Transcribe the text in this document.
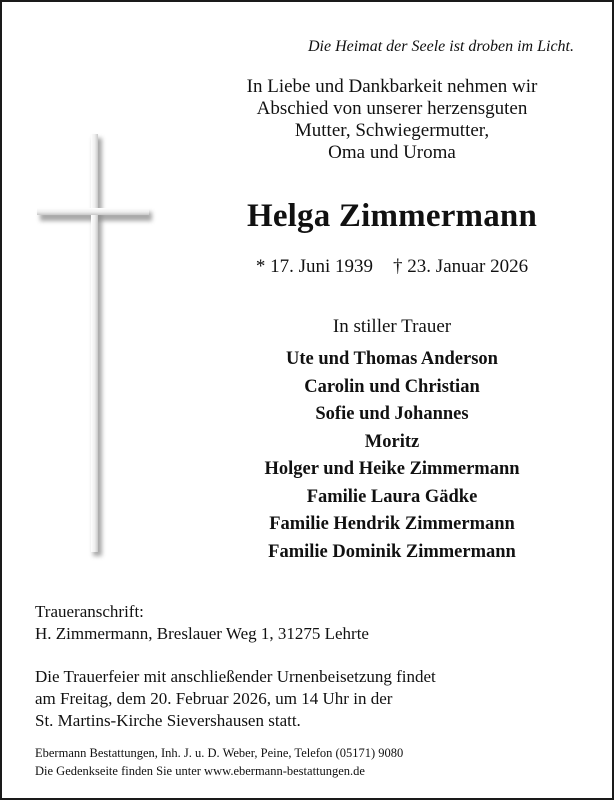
Die Heimat der Seele ist droben im Licht.
In Liebe und Dankbarkeit nehmen wir
Abschied von unserer herzensguten
Mutter, Schwiegermutter,
Oma und Uroma
Helga Zimmermann
* 17. Juni 1939 † 23. Januar 2026
In stiller Trauer
Ute und Thomas Anderson
Carolin und Christian
Sofie und Johannes
Moritz
Holger und Heike Zimmermann
Familie Laura Gädke
Familie Hendrik Zimmermann
Familie Dominik Zimmermann
Traueranschrift:
H. Zimmermann, Breslauer Weg 1, 31275 Lehrte
Die Trauerfeier mit anschließender Urnenbeisetzung findet
am Freitag, dem 20. Februar 2026, um 14 Uhr in der
St. Martins-Kirche Sievershausen statt.
Ebermann Bestattungen, Inh. J. u. D. Weber, Peine, Telefon (05171) 9080
Die Gedenkseite finden Sie unter www.ebermann-bestattungen.de
